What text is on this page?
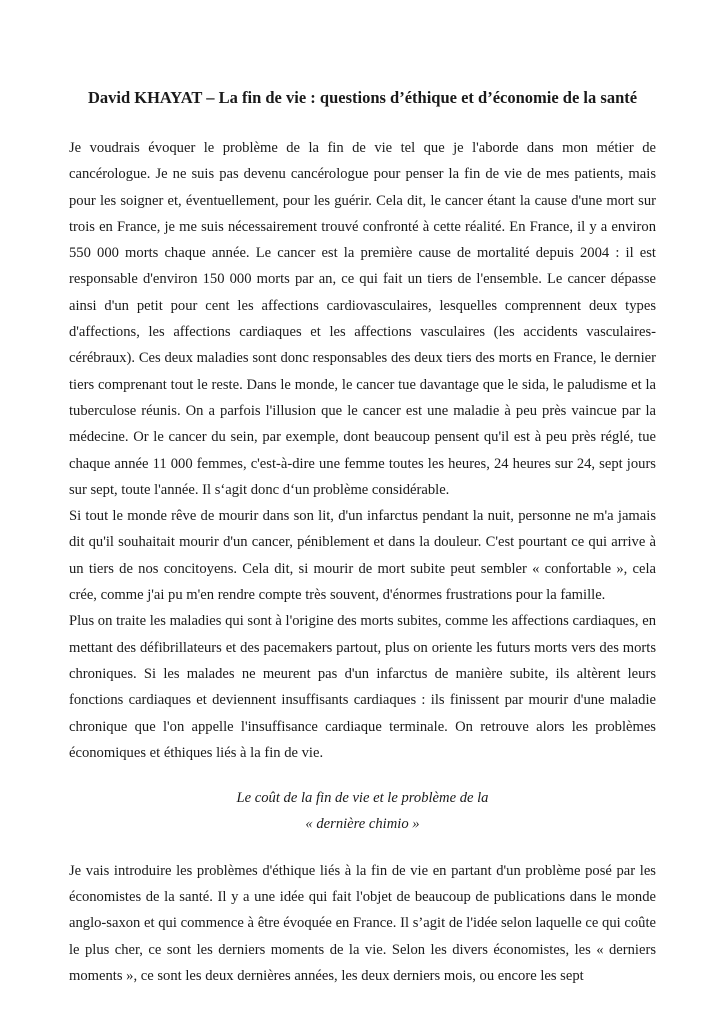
David KHAYAT – La fin de vie : questions d’éthique et d’économie de la santé

Je voudrais évoquer le problème de la fin de vie tel que je l'aborde dans mon métier de cancérologue. Je ne suis pas devenu cancérologue pour penser la fin de vie de mes patients, mais pour les soigner et, éventuellement, pour les guérir. Cela dit, le cancer étant la cause d'une mort sur trois en France, je me suis nécessairement trouvé confronté à cette réalité. En France, il y a environ 550 000 morts chaque année. Le cancer est la première cause de mortalité depuis 2004 : il est responsable d'environ 150 000 morts par an, ce qui fait un tiers de l'ensemble. Le cancer dépasse ainsi d'un petit pour cent les affections cardiovasculaires, lesquelles comprennent deux types d'affections, les affections cardiaques et les affections vasculaires (les accidents vasculaires-cérébraux). Ces deux maladies sont donc responsables des deux tiers des morts en France, le dernier tiers comprenant tout le reste. Dans le monde, le cancer tue davantage que le sida, le paludisme et la tuberculose réunis. On a parfois l'illusion que le cancer est une maladie à peu près vaincue par la médecine. Or le cancer du sein, par exemple, dont beaucoup pensent qu'il est à peu près réglé, tue chaque année 11 000 femmes, c'est-à-dire une femme toutes les heures, 24 heures sur 24, sept jours sur sept, toute l'année. Il s‘agit donc d‘un problème considérable.

Si tout le monde rêve de mourir dans son lit, d'un infarctus pendant la nuit, personne ne m'a jamais dit qu'il souhaitait mourir d'un cancer, péniblement et dans la douleur. C'est pourtant ce qui arrive à un tiers de nos concitoyens. Cela dit, si mourir de mort subite peut sembler « confortable », cela crée, comme j'ai pu m'en rendre compte très souvent, d'énormes frustrations pour la famille.

Plus on traite les maladies qui sont à l'origine des morts subites, comme les affections cardiaques, en mettant des défibrillateurs et des pacemakers partout, plus on oriente les futurs morts vers des morts chroniques. Si les malades ne meurent pas d'un infarctus de manière subite, ils altèrent leurs fonctions cardiaques et deviennent insuffisants cardiaques : ils finissent par mourir d'une maladie chronique que l'on appelle l'insuffisance cardiaque terminale. On retrouve alors les problèmes économiques et éthiques liés à la fin de vie.

Le coût de la fin de vie et le problème de la
« dernière chimio »

Je vais introduire les problèmes d'éthique liés à la fin de vie en partant d'un problème posé par les économistes de la santé. Il y a une idée qui fait l'objet de beaucoup de publications dans le monde anglo-saxon et qui commence à être évoquée en France. Il s’agit de l'idée selon laquelle ce qui coûte le plus cher, ce sont les derniers moments de la vie. Selon les divers économistes, les « derniers moments », ce sont les deux dernières années, les deux derniers mois, ou encore les sept
